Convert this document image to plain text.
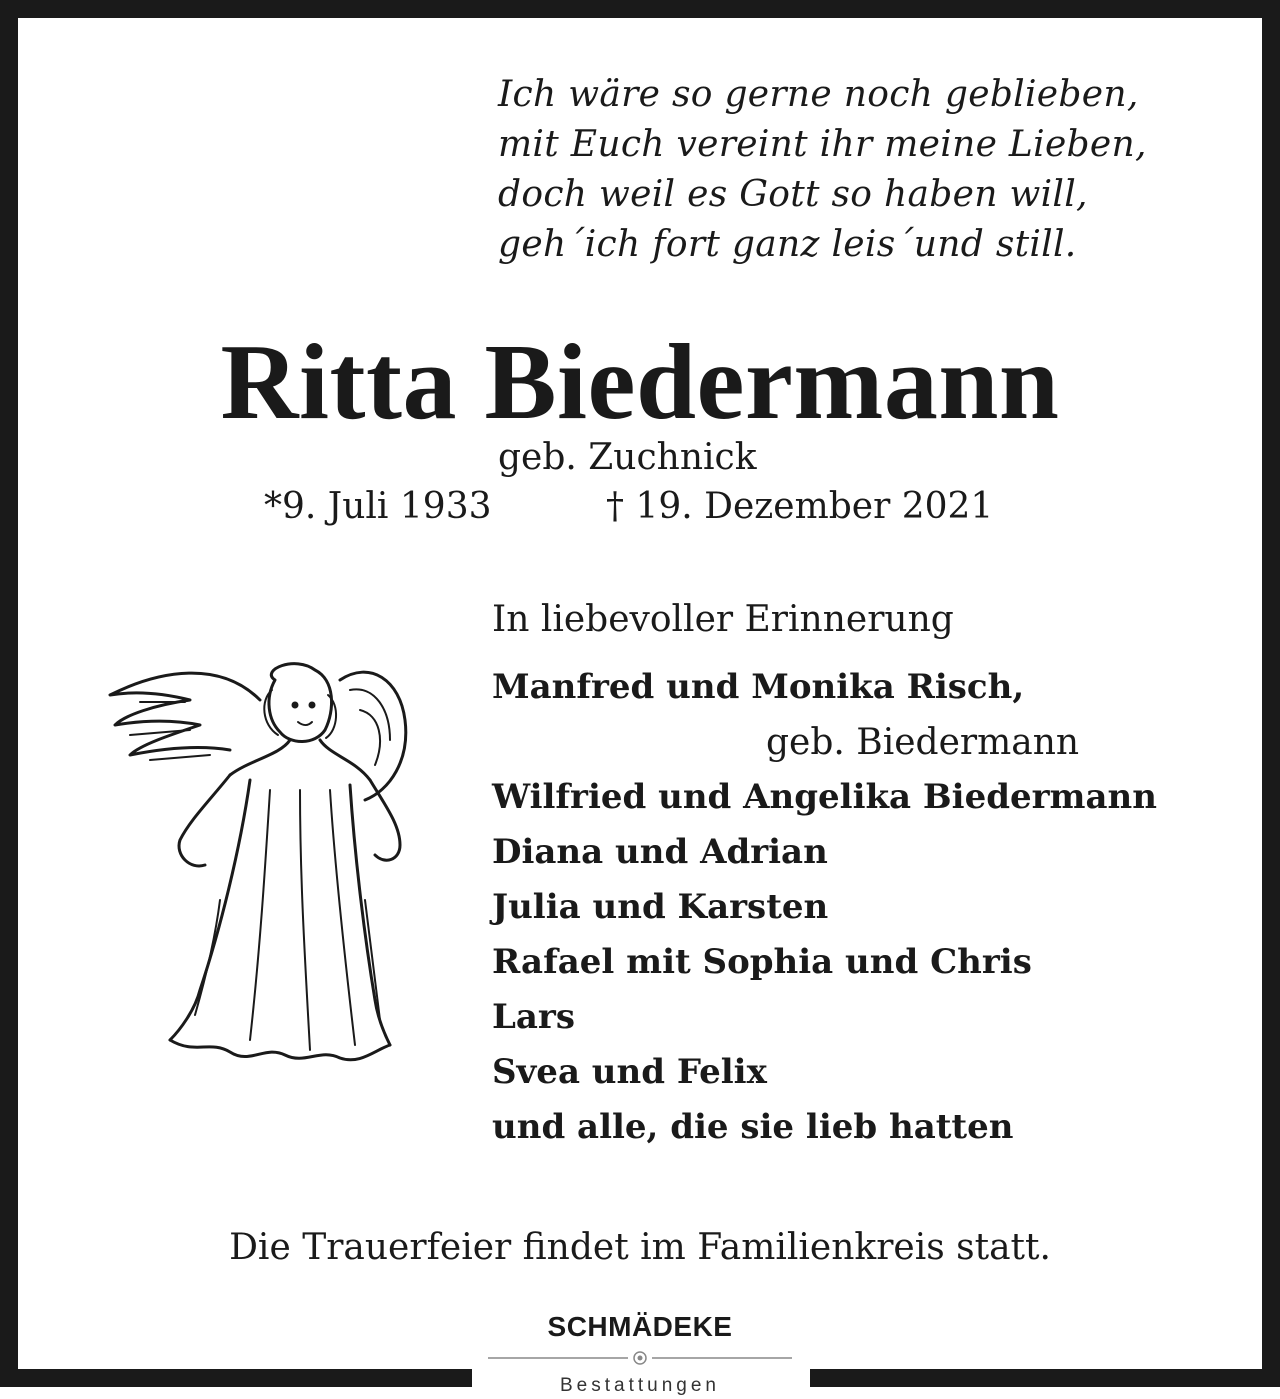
Ich wäre so gerne noch geblieben,
mit Euch vereint ihr meine Lieben,
doch weil es Gott so haben will,
geh´ich fort ganz leis´und still.
Ritta Biedermann
geb. Zuchnick
*9. Juli 1933	† 19. Dezember 2021
In liebevoller Erinnerung
Manfred und Monika Risch,
geb. Biedermann
Wilfried und Angelika Biedermann
Diana und Adrian
Julia und Karsten
Rafael mit Sophia und Chris
Lars
Svea und Felix
und alle, die sie lieb hatten
Die Trauerfeier findet im Familienkreis statt.
SCHMÄDEKE
Bestattungen
